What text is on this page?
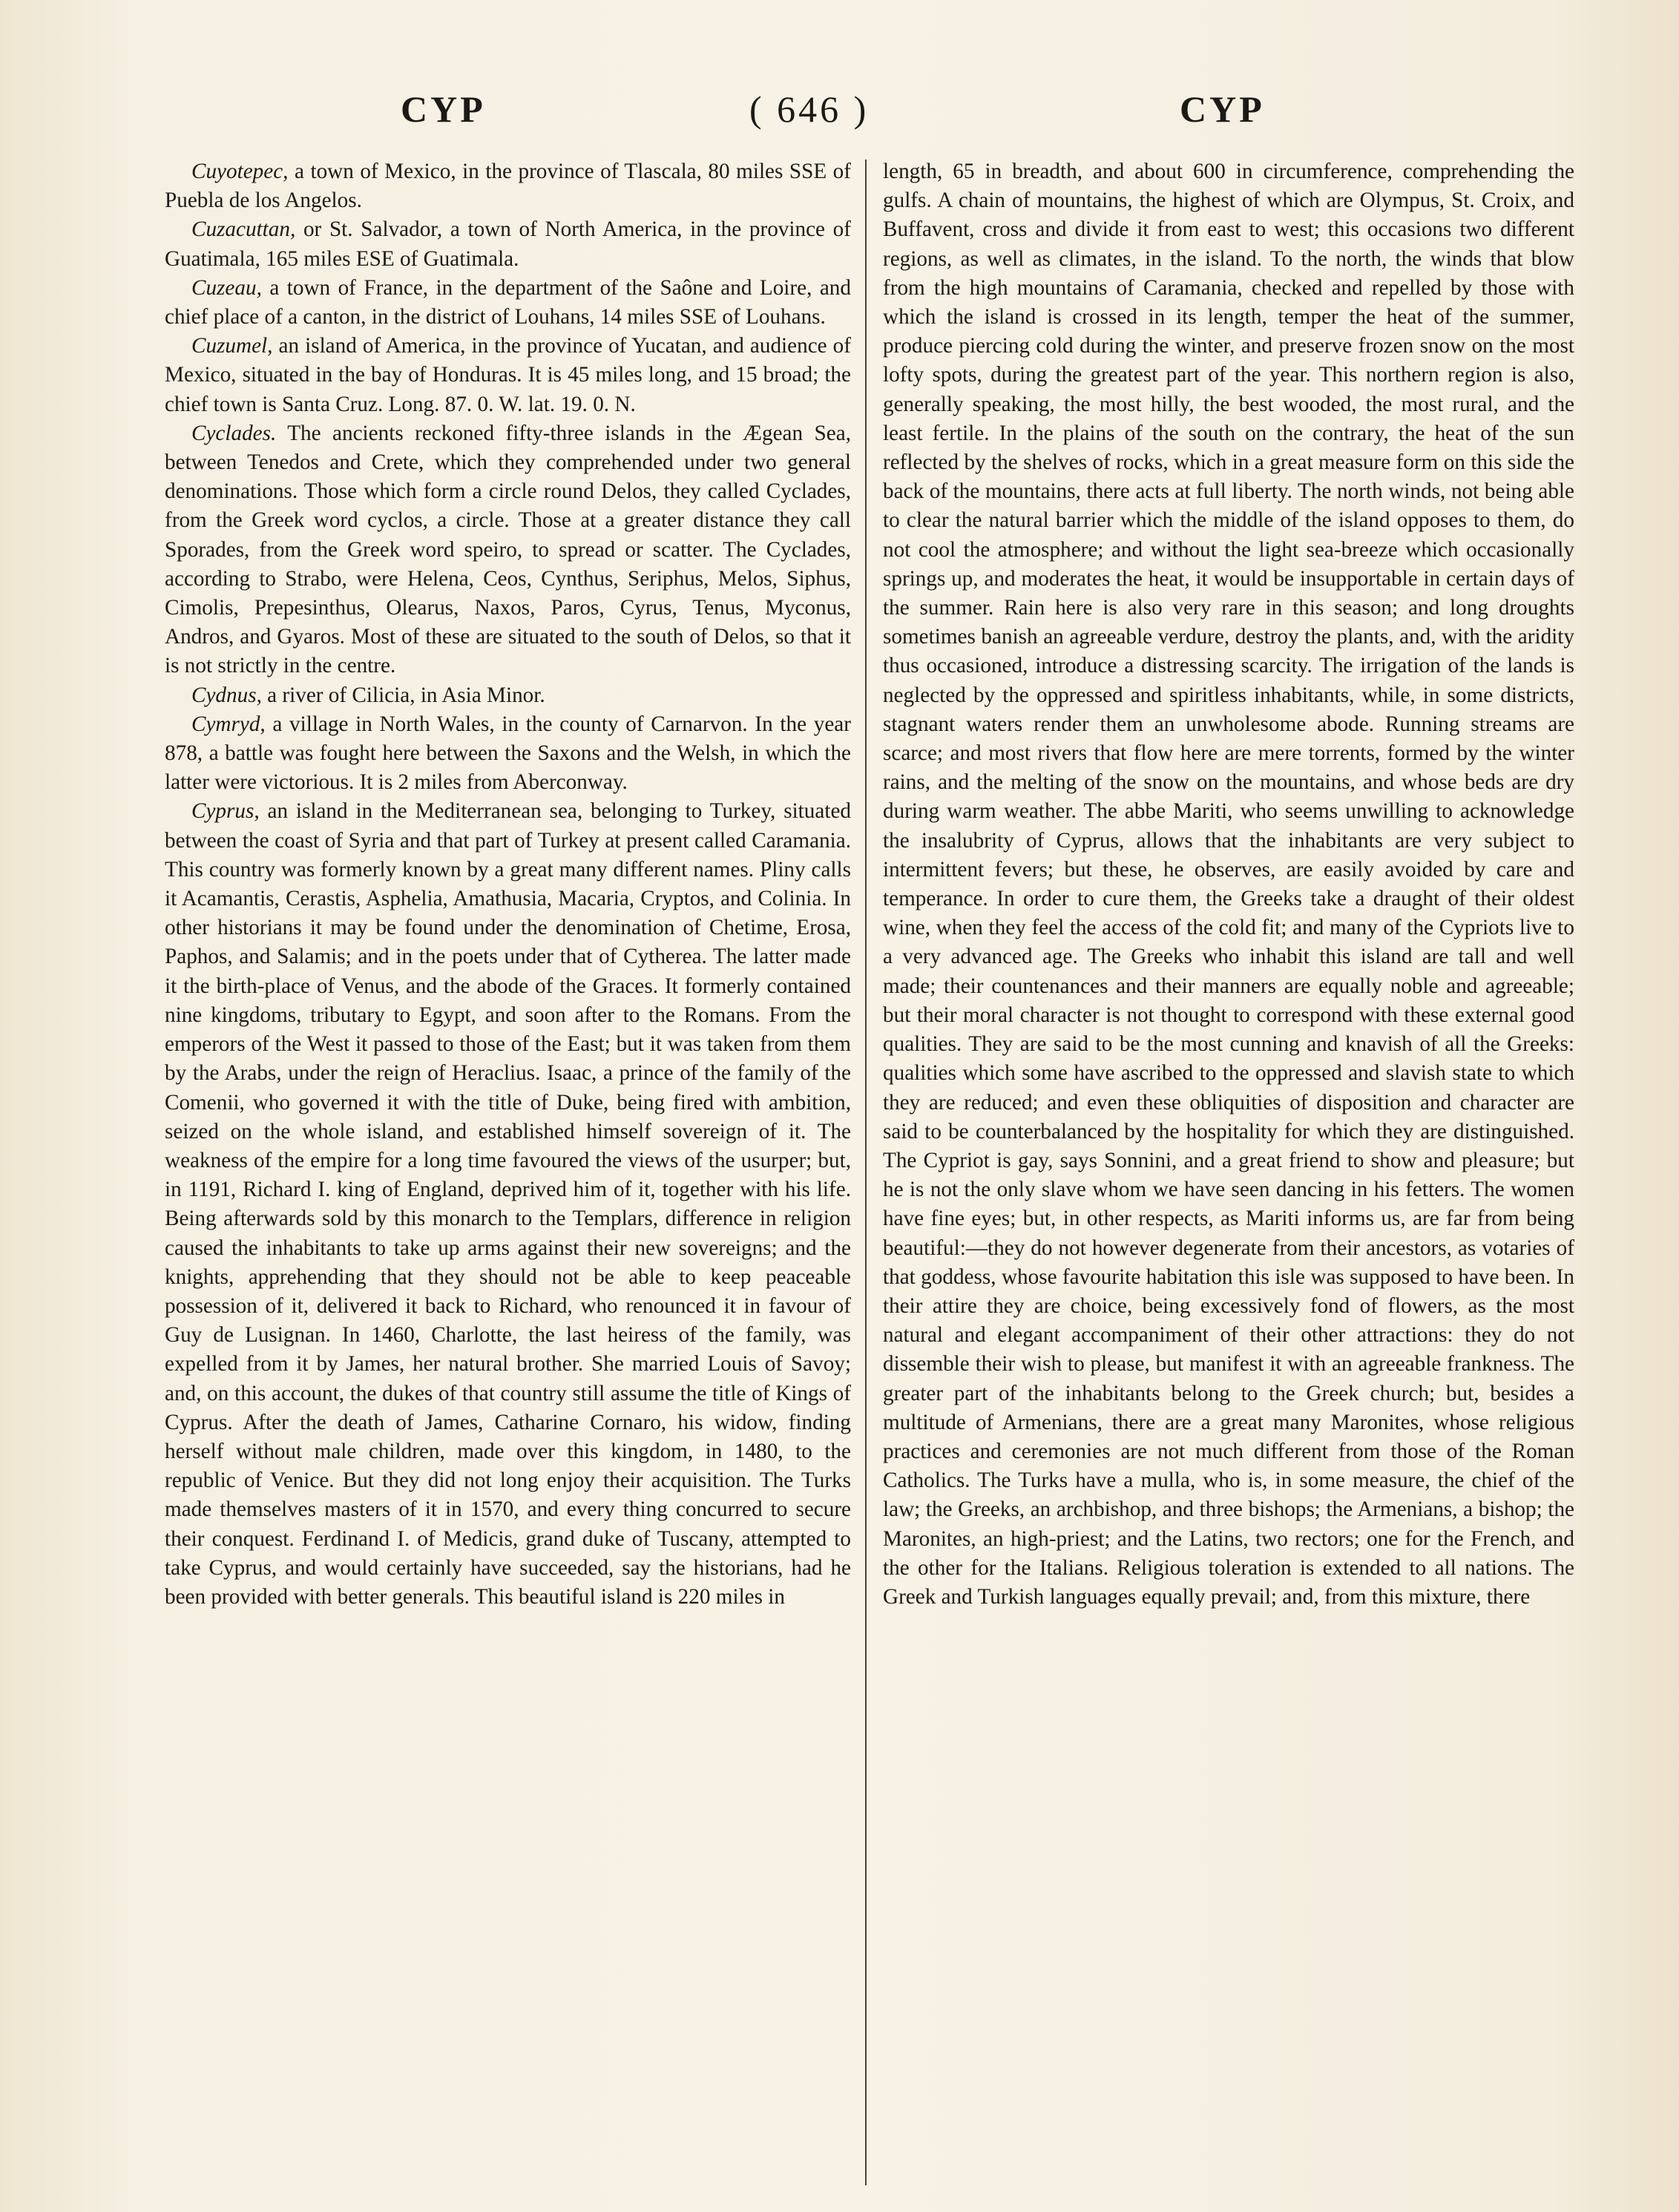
CYP	( 646 )	CYP

Cuyotepec, a town of Mexico, in the province of Tlascala, 80 miles SSE of Puebla de los Angelos.

Cuzacuttan, or St. Salvador, a town of North America, in the province of Guatimala, 165 miles ESE of Guatimala.

Cuzeau, a town of France, in the department of the Saône and Loire, and chief place of a canton, in the district of Louhans, 14 miles SSE of Louhans.

Cuzumel, an island of America, in the province of Yucatan, and audience of Mexico, situated in the bay of Honduras. It is 45 miles long, and 15 broad; the chief town is Santa Cruz. Long. 87. 0. W. lat. 19. 0. N.

Cyclades. The ancients reckoned fifty-three islands in the Ægean Sea, between Tenedos and Crete, which they comprehended under two general denominations. Those which form a circle round Delos, they called Cyclades, from the Greek word cyclos, a circle. Those at a greater distance they call Sporades, from the Greek word speiro, to spread or scatter. The Cyclades, according to Strabo, were Helena, Ceos, Cynthus, Seriphus, Melos, Siphus, Cimolis, Prepesinthus, Olearus, Naxos, Paros, Cyrus, Tenus, Myconus, Andros, and Gyaros. Most of these are situated to the south of Delos, so that it is not strictly in the centre.

Cydnus, a river of Cilicia, in Asia Minor.

Cymryd, a village in North Wales, in the county of Carnarvon. In the year 878, a battle was fought here between the Saxons and the Welsh, in which the latter were victorious. It is 2 miles from Aberconway.

Cyprus, an island in the Mediterranean sea, belonging to Turkey, situated between the coast of Syria and that part of Turkey at present called Caramania. This country was formerly known by a great many different names. Pliny calls it Acamantis, Cerastis, Asphelia, Amathusia, Macaria, Cryptos, and Colinia. In other historians it may be found under the denomination of Chetime, Erosa, Paphos, and Salamis; and in the poets under that of Cytherea. The latter made it the birth-place of Venus, and the abode of the Graces. It formerly contained nine kingdoms, tributary to Egypt, and soon after to the Romans. From the emperors of the West it passed to those of the East; but it was taken from them by the Arabs, under the reign of Heraclius. Isaac, a prince of the family of the Comenii, who governed it with the title of Duke, being fired with ambition, seized on the whole island, and established himself sovereign of it. The weakness of the empire for a long time favoured the views of the usurper; but, in 1191, Richard I. king of England, deprived him of it, together with his life. Being afterwards sold by this monarch to the Templars, difference in religion caused the inhabitants to take up arms against their new sovereigns; and the knights, apprehending that they should not be able to keep peaceable possession of it, delivered it back to Richard, who renounced it in favour of Guy de Lusignan. In 1460, Charlotte, the last heiress of the family, was expelled from it by James, her natural brother. She married Louis of Savoy; and, on this account, the dukes of that country still assume the title of Kings of Cyprus. After the death of James, Catharine Cornaro, his widow, finding herself without male children, made over this kingdom, in 1480, to the republic of Venice. But they did not long enjoy their acquisition. The Turks made themselves masters of it in 1570, and every thing concurred to secure their conquest. Ferdinand I. of Medicis, grand duke of Tuscany, attempted to take Cyprus, and would certainly have succeeded, say the historians, had he been provided with better generals. This beautiful island is 220 miles in

length, 65 in breadth, and about 600 in circumference, comprehending the gulfs. A chain of mountains, the highest of which are Olympus, St. Croix, and Buffavent, cross and divide it from east to west; this occasions two different regions, as well as climates, in the island. To the north, the winds that blow from the high mountains of Caramania, checked and repelled by those with which the island is crossed in its length, temper the heat of the summer, produce piercing cold during the winter, and preserve frozen snow on the most lofty spots, during the greatest part of the year. This northern region is also, generally speaking, the most hilly, the best wooded, the most rural, and the least fertile. In the plains of the south on the contrary, the heat of the sun reflected by the shelves of rocks, which in a great measure form on this side the back of the mountains, there acts at full liberty. The north winds, not being able to clear the natural barrier which the middle of the island opposes to them, do not cool the atmosphere; and without the light sea-breeze which occasionally springs up, and moderates the heat, it would be insupportable in certain days of the summer. Rain here is also very rare in this season; and long droughts sometimes banish an agreeable verdure, destroy the plants, and, with the aridity thus occasioned, introduce a distressing scarcity. The irrigation of the lands is neglected by the oppressed and spiritless inhabitants, while, in some districts, stagnant waters render them an unwholesome abode. Running streams are scarce; and most rivers that flow here are mere torrents, formed by the winter rains, and the melting of the snow on the mountains, and whose beds are dry during warm weather. The abbe Mariti, who seems unwilling to acknowledge the insalubrity of Cyprus, allows that the inhabitants are very subject to intermittent fevers; but these, he observes, are easily avoided by care and temperance. In order to cure them, the Greeks take a draught of their oldest wine, when they feel the access of the cold fit; and many of the Cypriots live to a very advanced age. The Greeks who inhabit this island are tall and well made; their countenances and their manners are equally noble and agreeable; but their moral character is not thought to correspond with these external good qualities. They are said to be the most cunning and knavish of all the Greeks: qualities which some have ascribed to the oppressed and slavish state to which they are reduced; and even these obliquities of disposition and character are said to be counterbalanced by the hospitality for which they are distinguished. The Cypriot is gay, says Sonnini, and a great friend to show and pleasure; but he is not the only slave whom we have seen dancing in his fetters. The women have fine eyes; but, in other respects, as Mariti informs us, are far from being beautiful:—they do not however degenerate from their ancestors, as votaries of that goddess, whose favourite habitation this isle was supposed to have been. In their attire they are choice, being excessively fond of flowers, as the most natural and elegant accompaniment of their other attractions: they do not dissemble their wish to please, but manifest it with an agreeable frankness. The greater part of the inhabitants belong to the Greek church; but, besides a multitude of Armenians, there are a great many Maronites, whose religious practices and ceremonies are not much different from those of the Roman Catholics. The Turks have a mulla, who is, in some measure, the chief of the law; the Greeks, an archbishop, and three bishops; the Armenians, a bishop; the Maronites, an high-priest; and the Latins, two rectors; one for the French, and the other for the Italians. Religious toleration is extended to all nations. The Greek and Turkish languages equally prevail; and, from this mixture, there
